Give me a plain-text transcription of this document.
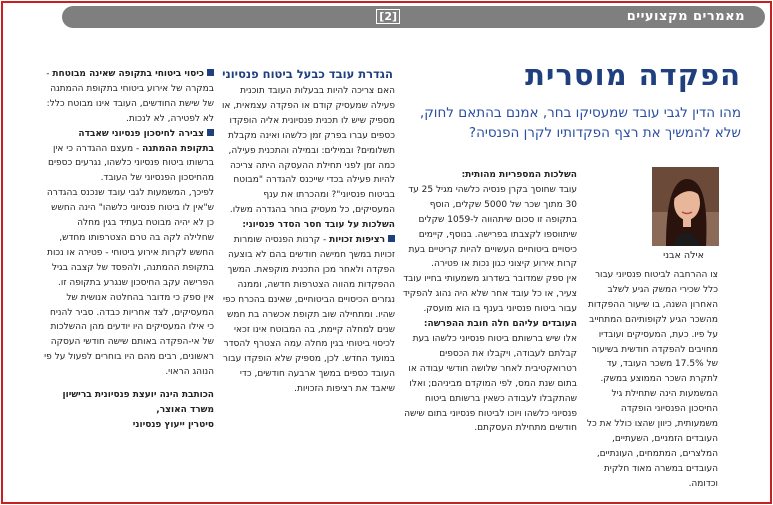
מאמרים מקצועיים
[2]
הפקדה מוסרית
מהו הדין לגבי עובד שמעסיקו בחר, אמנם בהתאם לחוק, שלא להמשיך את רצף הפקדותיו לקרן הפנסיה?
אילה אבני

צו ההרחבה לביטוח פנסיוני עבור כלל שכירי המשק הגיע לשלב האחרון השנה, בו שיעור ההפקדות מהשכר הגיע לקופותיהם המתחייב על פיו. כעת, המעסיקים ועובדיו מחויבים להפקדה חודשית בשיעור של 17.5% משכר העובד, עד לתקרת השכר הממוצע במשק.

המשמעות הינה שתחילת גיל החיסכון הפנסיוני הופקדה משמעותית, כיוון שהצו כולל את כל העובדים הזמניים, השעתיים, המלצרים, המתמחים, העונתיים, העובדים במשרה מאוד חלקית וכדומה.

השלכות המספריות מהותית:

עובד שחוסך בקרן פנסיה כלשהי מגיל 25 עד 30 מתוך שכר של 5000 שקלים, הוסף בתקופה זו סכום שיתהווה ל-1059 שקלים שיתווספו לקצבתו בפרישה. בנוסף, קיימים כיסויים ביטוחיים העשויים להיות קריטיים בעת קרות אירוע קיצוני כגון נכות או פטירה.

אין ספק שמדובר בשדרוג משמעותי בחייו עובד צעיר, או כל עובד אחר שלא היה נהוג להפקיד עבור ביטוח פנסיוני בענף בו הוא מועסק.

העובדים עליהם חלה חובת ההפרשה:

אלו שיש ברשותם ביטוח פנסיוני כלשהו בעת קבלתם לעבודה, ויקבלו את הכספים רטרואקטיבית לאחר שלושה חודשי עבודה או בתום שנת המס, לפי המוקדם מביניהם; ואלו שהתקבלו לעבודה כשאין ברשותם ביטוח פנסיוני כלשהו ויוכו לביטוח פנסיוני בתום שישה חודשים מתחילת העסקתם.

הגדרת עובד כבעל ביטוח פנסיוני

האם צריכה להיות בבעלות העובד תוכנית פעילה שמעסיק קודם או הפקדה עצמאית, או מספיק שיש לו תכנית פנסיונית אליה הופקדו כספים עברו בפרק זמן כלשהו ואינה מקבלת תשלומים? ובמילים: ובמילה והתכנית פעילה, כמה זמן לפני תחילת ההעסקה היתה צריכה להיות פעילה בכדי שייכנס להגדרה "מבוטח בביטוח פנסיוני"? ומהכרתו את ענף המעסיקים, כל מעסיק בוחר בהגדרה משלו.

השלכות על עובד חסר הסדר פנסיוני:

רציפות זכויות - קרנות הפנסיה שומרות זכויות במשך חמישה חודשים בהם לא בוצעה הפקדה ולאחר מכן התכנית מוקפאת. המשך ההפקדות מהווה הצטרפות חדשה, וממנה נגזרים הכיסויים הביטוחיים, שאינם בהכרח כפי שהיו. ומתחילה שוב תקופת אכשרה בת חמש שנים למחלה קיימת, בה המבוטח אינו זכאי לכיסוי ביטוחי בגין מחלה עמה הצטרף להסדר במועד החדש. לכן, מספיק שלא הופקדו עבור העובד כספים במשך ארבעה חודשים, כדי שיאבד את רציפות הזכויות.

כיסוי ביטוחי בתקופה שאינה מבוטחת - במקרה של אירוע ביטוחי בתקופת ההמתנה של שישת החודשים, העובד אינו מבוטח כלל: לא לפטירה, לא לנכות.

צבירה לחיסכון פנסיוני שאבדה בתקופת ההמתנה - מעצם ההגדרה כי אין ברשותו ביטוח פנסיוני כלשהו, נגרעים כספים מהחיסכון הפנסיוני של העובד.

לפיכך, המשמעות לגבי עובד שנכנס בהגדרה ש"אין לו ביטוח פנסיוני כלשהו" הינה החשש כן לא יהיה מבוטח בעתיד בגין מחלה שחלילה לקה בה טרם הצטרפותו מחדש, החשש לקרות אירוע ביטוחי - פטירה או נכות בתקופת ההמתנה, ולהפסד של קצבה בגיל הפרישה עקב החיסכון שנגרע בתקופה זו.

אין ספק כי מדובר בהחלטה אנושית של המעסיקים, לצד אחריות כבדה. סביר להניח כי אילו המעסיקים היו יודעים מהן ההשלכות של אי-הפקדה באותם שישה חודשי העסקה ראשונים, רבים מהם היו בוחרים לפעול על פי הנוהג הראוי.

הכותבת הינה יועצת פנסיונית ברישיון משרד האוצר,
סיטרין ייעוץ פנסיוני
